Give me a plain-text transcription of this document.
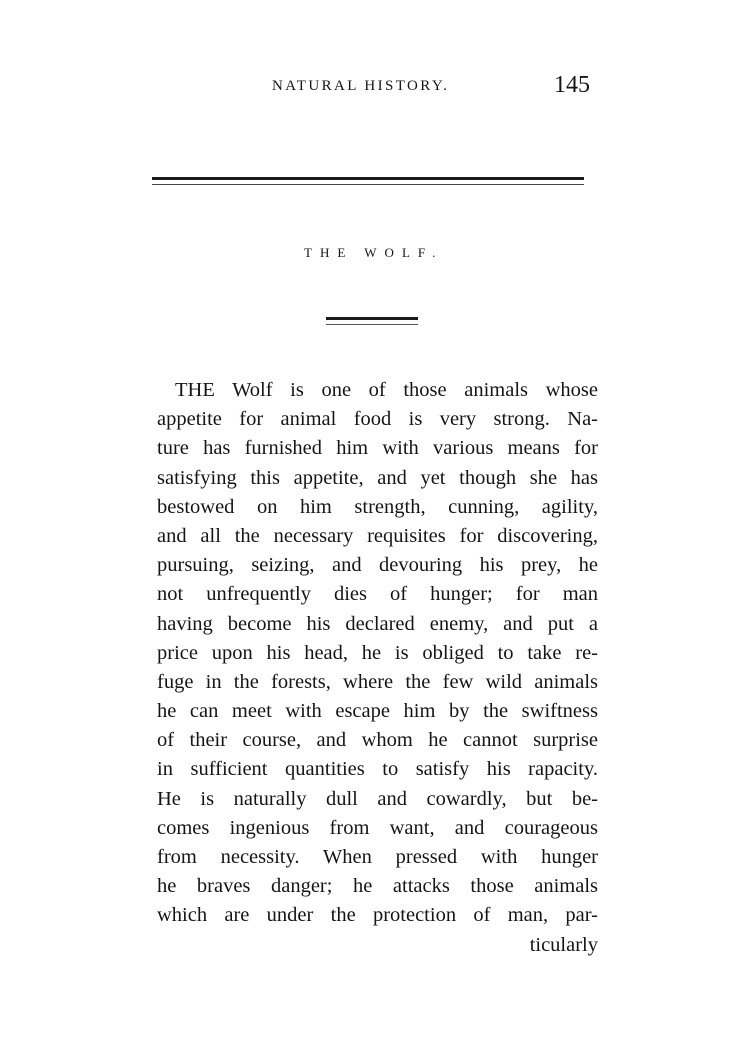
NATURAL HISTORY.	145
THE WOLF.
THE Wolf is one of those animals whose
appetite for animal food is very strong. Na-
ture has furnished him with various means for
satisfying this appetite, and yet though she has
bestowed on him strength, cunning, agility,
and all the necessary requisites for discovering,
pursuing, seizing, and devouring his prey, he
not unfrequently dies of hunger; for man
having become his declared enemy, and put a
price upon his head, he is obliged to take re-
fuge in the forests, where the few wild animals
he can meet with escape him by the swiftness
of their course, and whom he cannot surprise
in sufficient quantities to satisfy his rapacity.
He is naturally dull and cowardly, but be-
comes ingenious from want, and courageous
from necessity. When pressed with hunger
he braves danger; he attacks those animals
which are under the protection of man, par-
ticularly
